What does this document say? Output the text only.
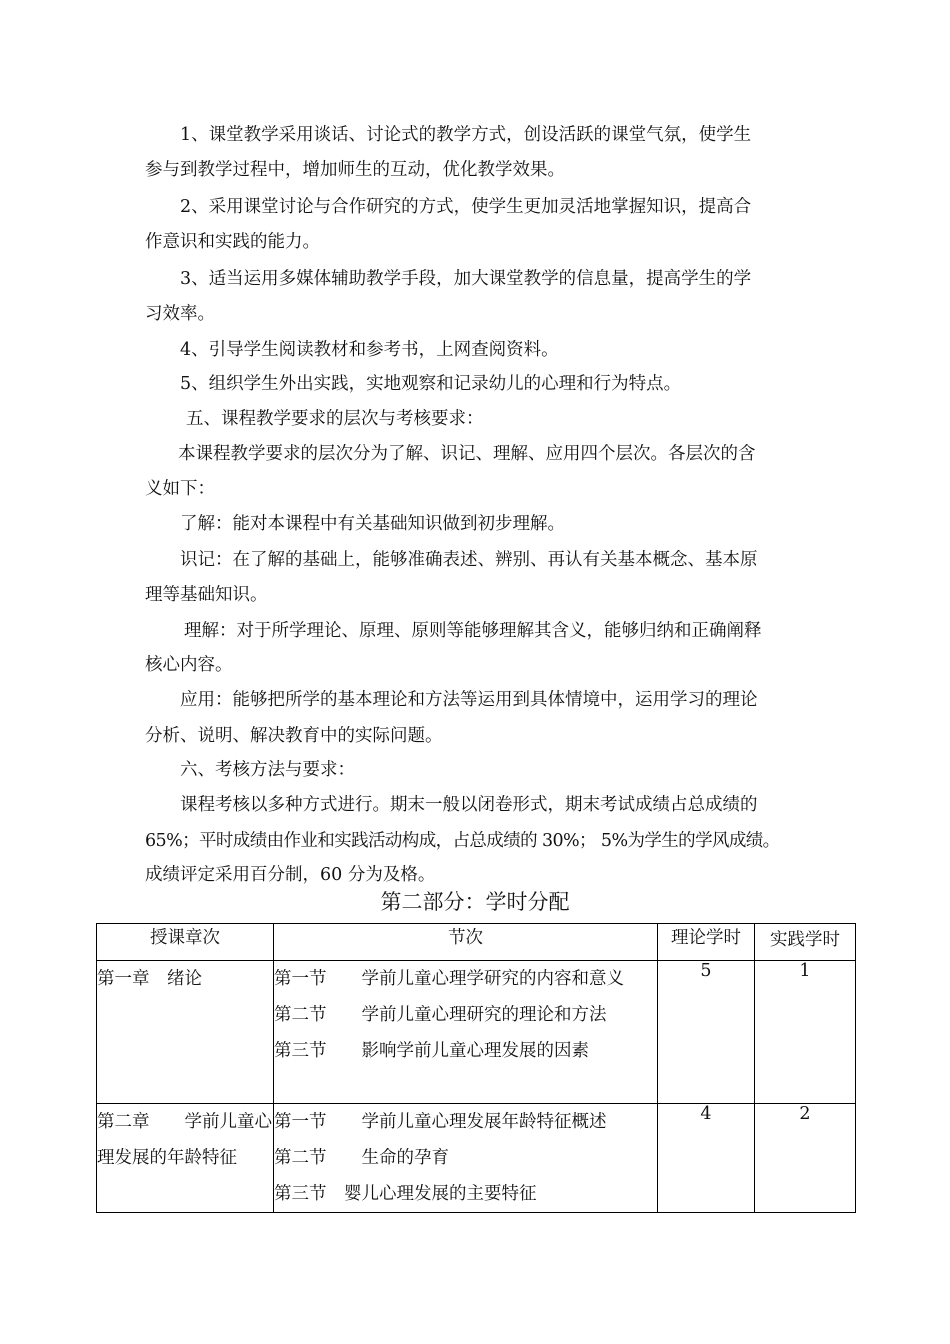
1、课堂教学采用谈话、讨论式的教学方式，创设活跃的课堂气氛，使学生
参与到教学过程中，增加师生的互动，优化教学效果。
2、采用课堂讨论与合作研究的方式，使学生更加灵活地掌握知识，提高合
作意识和实践的能力。
3、适当运用多媒体辅助教学手段，加大课堂教学的信息量，提高学生的学
习效率。
4、引导学生阅读教材和参考书，上网查阅资料。
5、组织学生外出实践，实地观察和记录幼儿的心理和行为特点。
五、课程教学要求的层次与考核要求：
本课程教学要求的层次分为了解、识记、理解、应用四个层次。各层次的含
义如下：
了解：能对本课程中有关基础知识做到初步理解。
识记：在了解的基础上，能够准确表述、辨别、再认有关基本概念、基本原
理等基础知识。
理解：对于所学理论、原理、原则等能够理解其含义，能够归纳和正确阐释
核心内容。
应用：能够把所学的基本理论和方法等运用到具体情境中，运用学习的理论
分析、说明、解决教育中的实际问题。
六、考核方法与要求：
课程考核以多种方式进行。期末一般以闭卷形式，期末考试成绩占总成绩的
65%；平时成绩由作业和实践活动构成，占总成绩的 30%； 5%为学生的学风成绩。
成绩评定采用百分制，60 分为及格。
第二部分：学时分配
授课章次	节次	理论学时	实践学时
第一章　绪论	第一节　　学前儿童心理学研究的内容和意义
第二节　　学前儿童心理研究的理论和方法
第三节　　影响学前儿童心理发展的因素	5	1
第二章　　学前儿童心理发展的年龄特征	第一节　　学前儿童心理发展年龄特征概述
第二节　　生命的孕育
第三节　婴儿心理发展的主要特征	4	2
